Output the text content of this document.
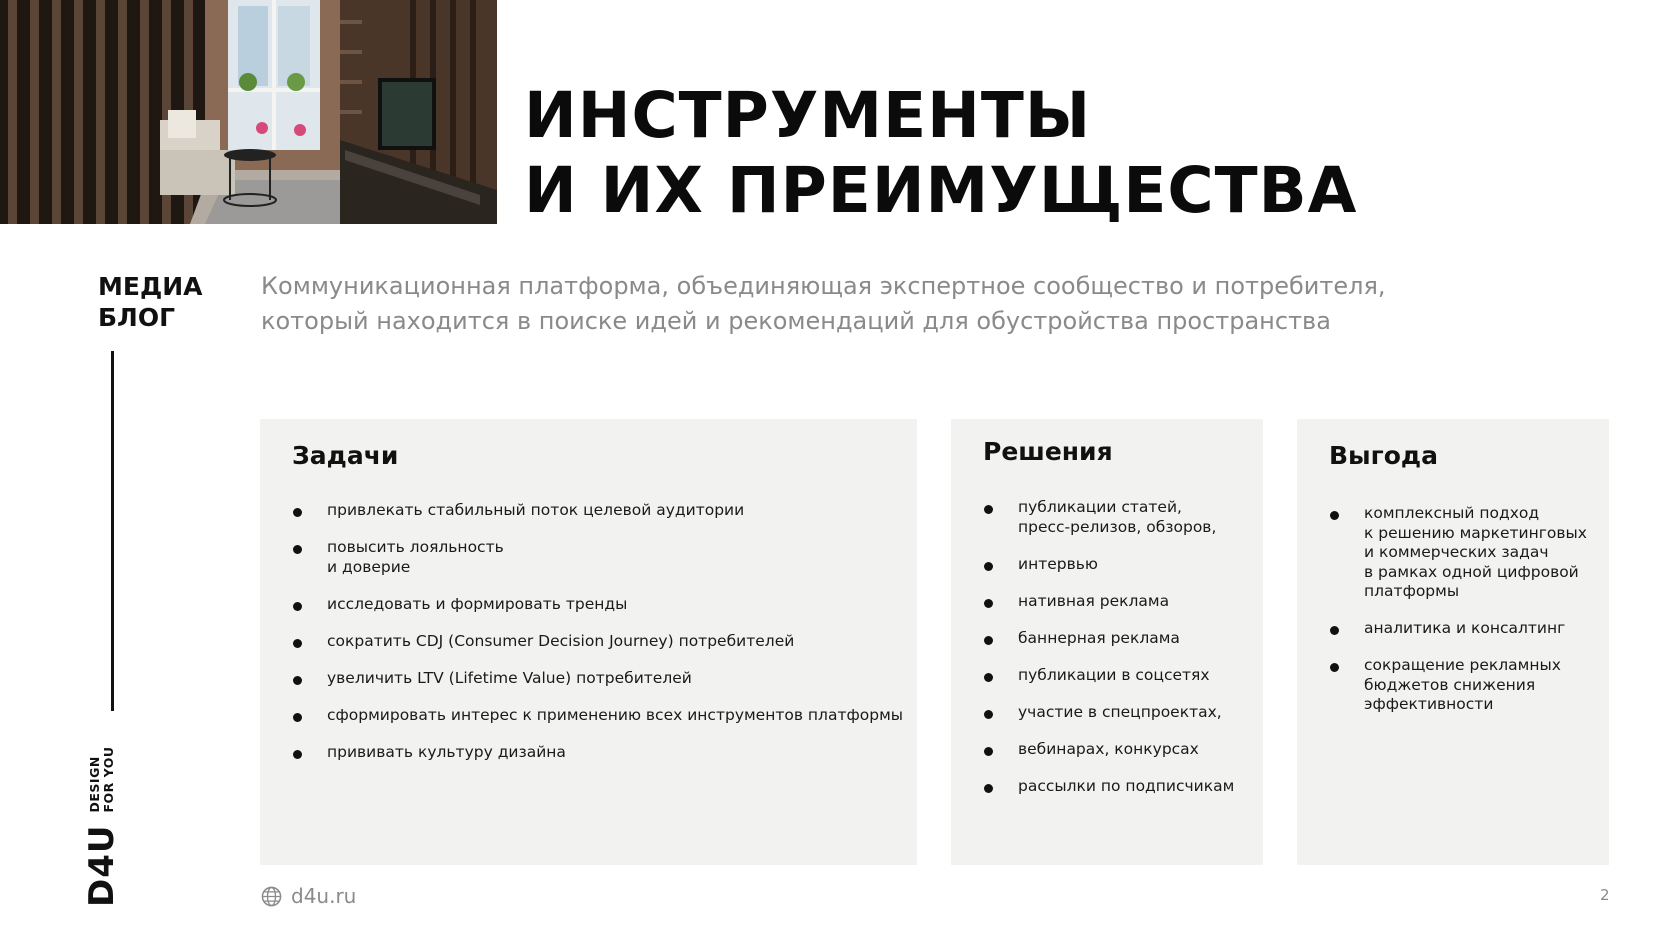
ИНСТРУМЕНТЫ
И ИХ ПРЕИМУЩЕСТВА
МЕДИА
БЛОГ
D4U
DESIGN FOR YOU
Коммуникационная платформа, объединяющая экспертное сообщество и потребителя,
который находится в поиске идей и рекомендаций для обустройства пространства
Задачи
привлекать стабильный поток целевой аудитории
повысить лояльность
и доверие
исследовать и формировать тренды
сократить CDJ (Consumer Decision Journey) потребителей
увеличить LTV (Lifetime Value) потребителей
сформировать интерес к применению всех инструментов платформы
прививать культуру дизайна
Решения
публикации статей,
пресс-релизов, обзоров,
интервью
нативная реклама
баннерная реклама
публикации в соцсетях
участие в спецпроектах,
вебинарах, конкурсах
рассылки по подписчикам
Выгода
комплексный подход
к решению маркетинговых
и коммерческих задач
в рамках одной цифровой
платформы
аналитика и консалтинг
сокращение рекламных
бюджетов снижения
эффективности
d4u.ru	2
